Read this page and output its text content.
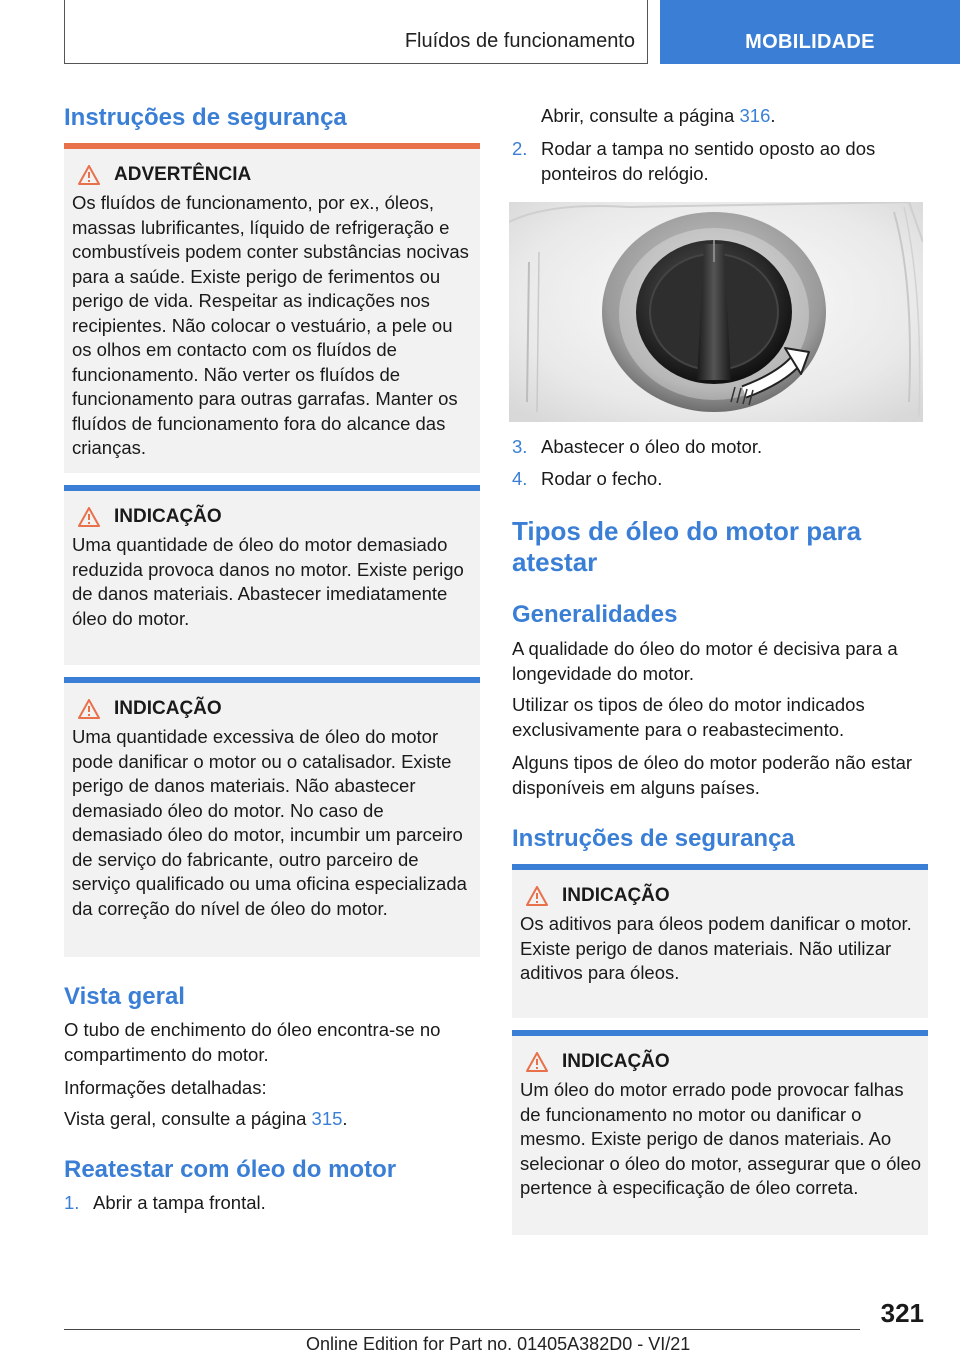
Fluídos de funcionamento	MOBILIDADE
Instruções de segurança
ADVERTÊNCIA
Os fluídos de funcionamento, por ex., óleos, massas lubrificantes, líquido de refrigeração e combustíveis podem conter substâncias nocivas para a saúde. Existe perigo de ferimentos ou perigo de vida. Respeitar as indicações nos recipientes. Não colocar o vestuário, a pele ou os olhos em contacto com os fluídos de funcionamento. Não verter os fluídos de funcionamento para outras garrafas. Manter os fluídos de funcionamento fora do alcance das crianças.
INDICAÇÃO
Uma quantidade de óleo do motor demasiado reduzida provoca danos no motor. Existe perigo de danos materiais. Abastecer imediatamente óleo do motor.
INDICAÇÃO
Uma quantidade excessiva de óleo do motor pode danificar o motor ou o catalisador. Existe perigo de danos materiais. Não abastecer demasiado óleo do motor. No caso de demasiado óleo do motor, incumbir um parceiro de serviço do fabricante, outro parceiro de serviço qualificado ou uma oficina especializada da correção do nível de óleo do motor.
Vista geral

O tubo de enchimento do óleo encontra-se no compartimento do motor.

Informações detalhadas:

Vista geral, consulte a página 315.

Reatestar com óleo do motor
1. Abrir a tampa frontal.
Abrir, consulte a página 316.
2. Rodar a tampa no sentido oposto ao dos ponteiros do relógio.
3. Abastecer o óleo do motor.
4. Rodar o fecho.
Tipos de óleo do motor para atestar
Generalidades

A qualidade do óleo do motor é decisiva para a longevidade do motor.

Utilizar os tipos de óleo do motor indicados exclusivamente para o reabastecimento.

Alguns tipos de óleo do motor poderão não estar disponíveis em alguns países.

Instruções de segurança
INDICAÇÃO
Os aditivos para óleos podem danificar o motor. Existe perigo de danos materiais. Não utilizar aditivos para óleos.
INDICAÇÃO
Um óleo do motor errado pode provocar falhas de funcionamento no motor ou danificar o mesmo. Existe perigo de danos materiais. Ao selecionar o óleo do motor, assegurar que o óleo pertence à especificação de óleo correta.
321
Online Edition for Part no. 01405A382D0 - VI/21
